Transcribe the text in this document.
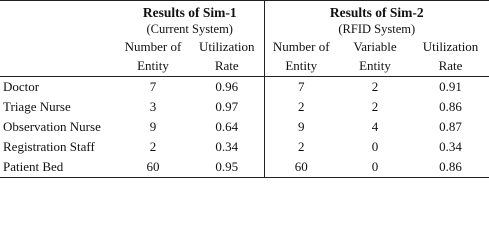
	Results of Sim-1		Results of Sim-2		
	(Current System)		(RFID System)		
	Number of	Utilization	Number of	Variable	Utilization
	Entity	Rate	Entity	Entity	Rate
Doctor	7	0.96	7	2	0.91
Triage Nurse	3	0.97	2	2	0.86
Observation Nurse	9	0.64	9	4	0.87
Registration Staff	2	0.34	2	0	0.34
Patient Bed	60	0.95	60	0	0.86
